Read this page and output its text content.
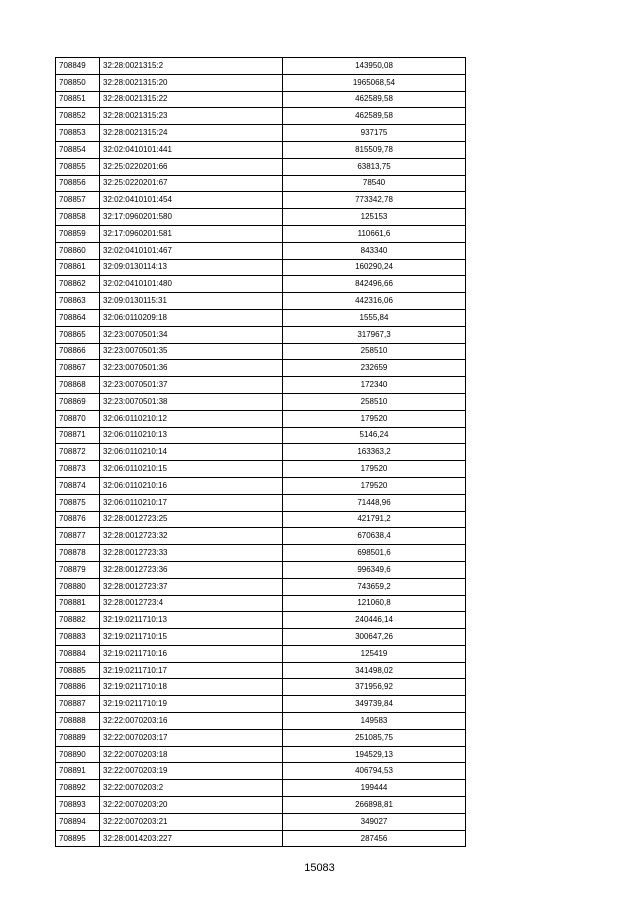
708849	32:28:0021315:2	143950,08
708850	32:28:0021315:20	1965068,54
708851	32:28:0021315:22	462589,58
708852	32:28:0021315:23	462589,58
708853	32:28:0021315:24	937175
708854	32:02:0410101:441	815509,78
708855	32:25:0220201:66	63813,75
708856	32:25:0220201:67	78540
708857	32:02:0410101:454	773342,78
708858	32:17:0960201:580	125153
708859	32:17:0960201:581	110661,6
708860	32:02:0410101:467	843340
708861	32:09:0130114:13	160290,24
708862	32:02:0410101:480	842496,66
708863	32:09:0130115:31	442316,06
708864	32:06:0110209:18	1555,84
708865	32:23:0070501:34	317967,3
708866	32:23:0070501:35	258510
708867	32:23:0070501:36	232659
708868	32:23:0070501:37	172340
708869	32:23:0070501:38	258510
708870	32:06:0110210:12	179520
708871	32:06:0110210:13	5146,24
708872	32:06:0110210:14	163363,2
708873	32:06:0110210:15	179520
708874	32:06:0110210:16	179520
708875	32:06:0110210:17	71448,96
708876	32:28:0012723:25	421791,2
708877	32:28:0012723:32	670638,4
708878	32:28:0012723:33	698501,6
708879	32:28:0012723:36	996349,6
708880	32:28:0012723:37	743659,2
708881	32:28:0012723:4	121060,8
708882	32:19:0211710:13	240446,14
708883	32:19:0211710:15	300647,26
708884	32:19:0211710:16	125419
708885	32:19:0211710:17	341498,02
708886	32:19:0211710:18	371956,92
708887	32:19:0211710:19	349739,84
708888	32:22:0070203:16	149583
708889	32:22:0070203:17	251085,75
708890	32:22:0070203:18	194529,13
708891	32:22:0070203:19	406794,53
708892	32:22:0070203:2	199444
708893	32:22:0070203:20	266898,81
708894	32:22:0070203:21	349027
708895	32:28:0014203:227	287456
15083
